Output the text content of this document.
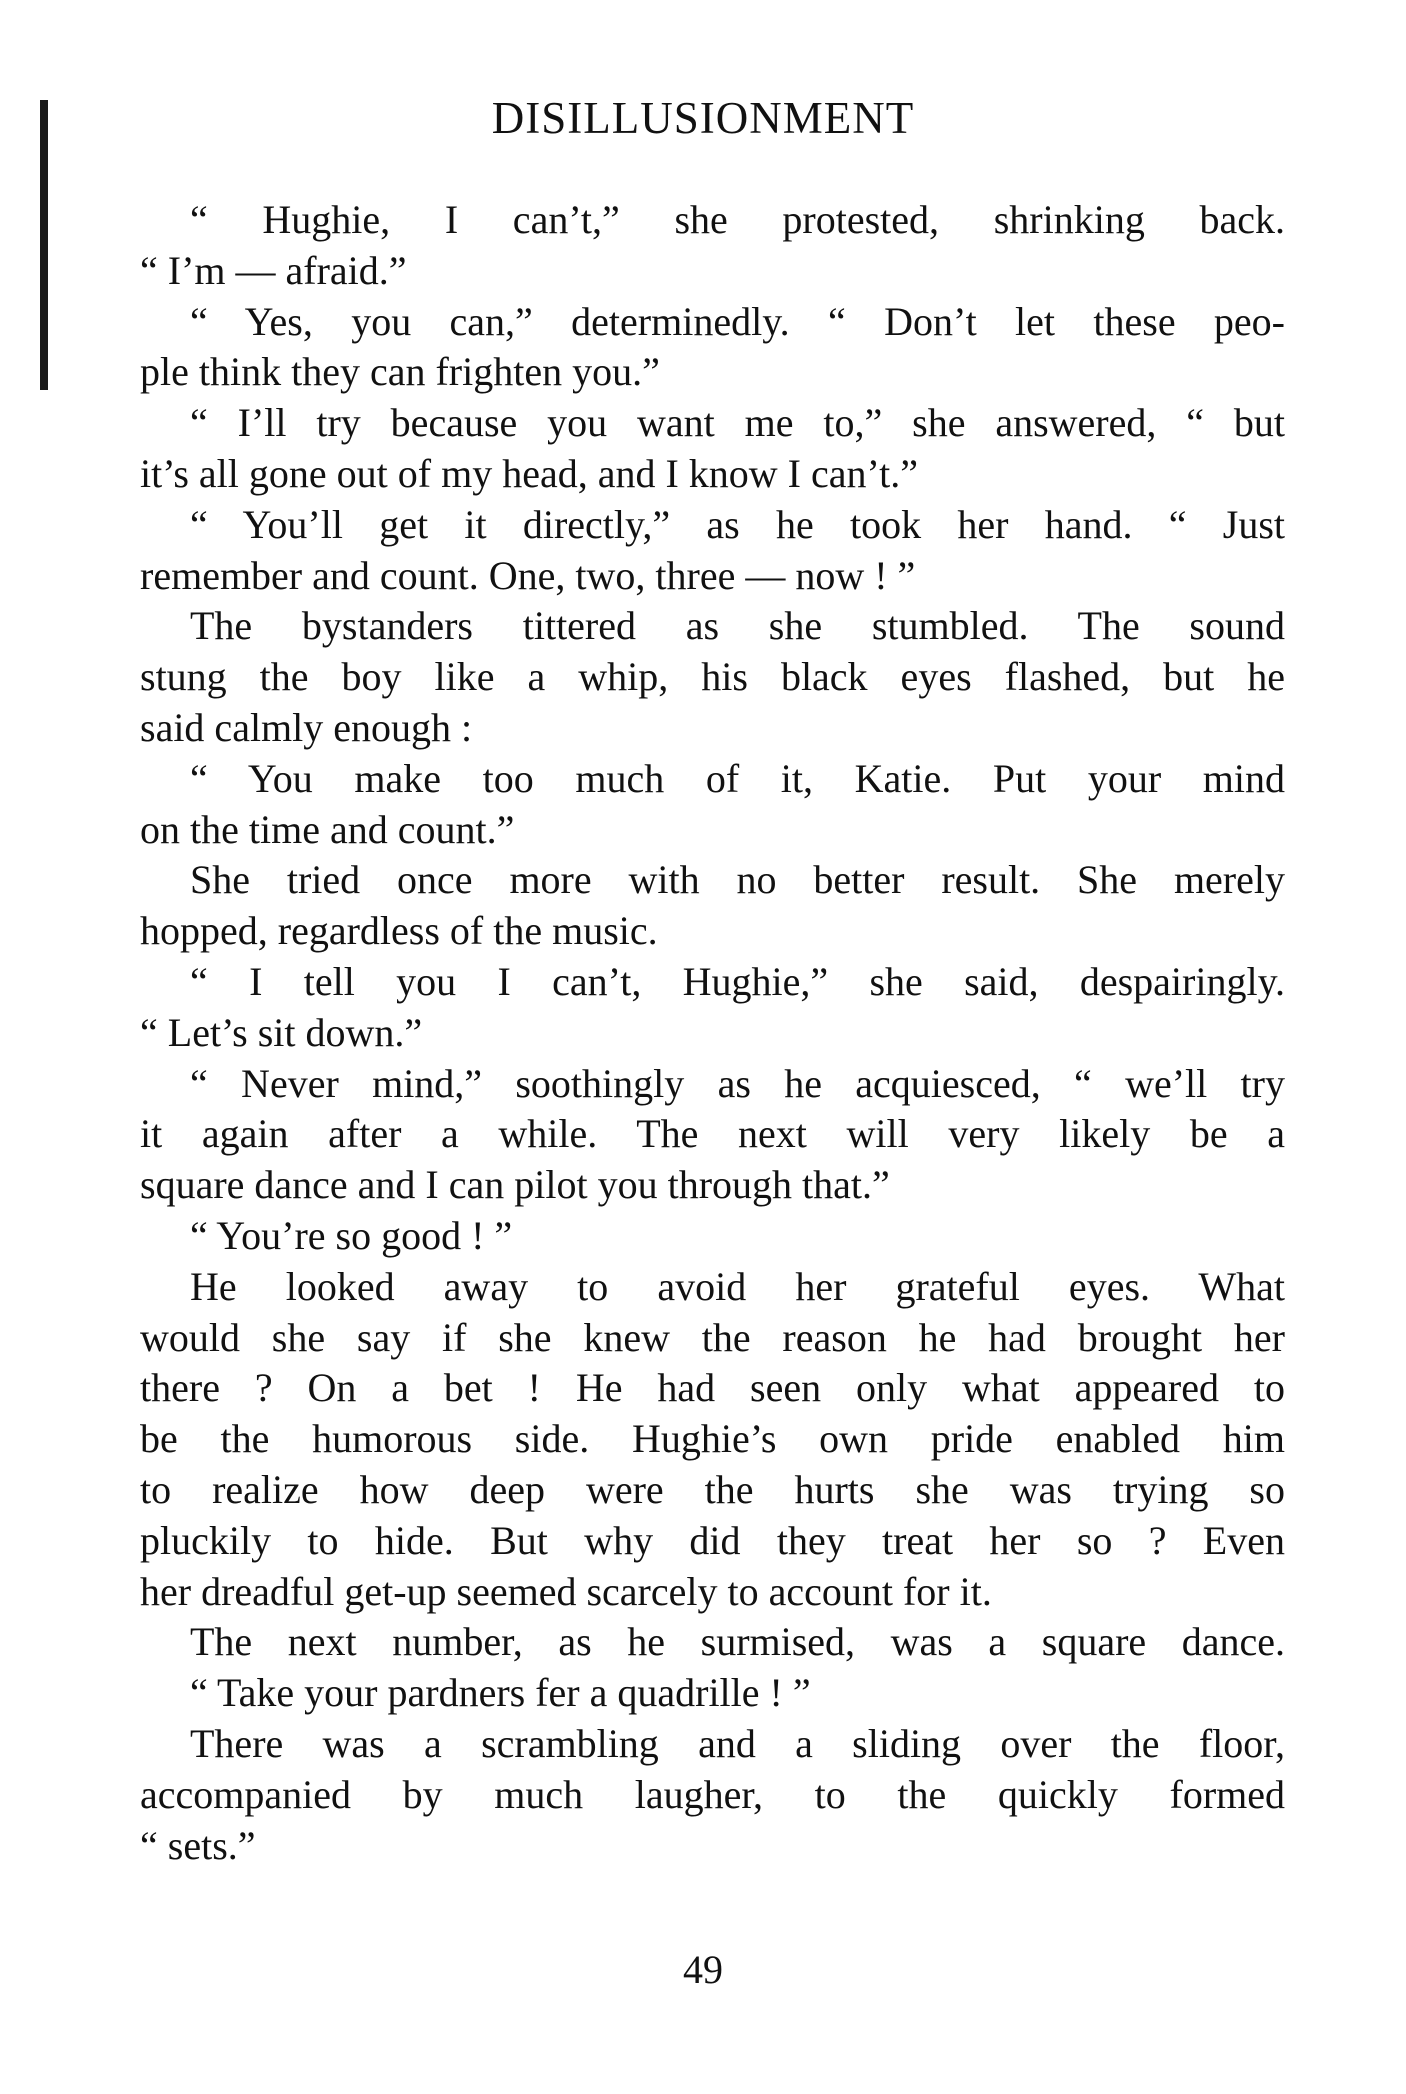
DISILLUSIONMENT
“ Hughie, I can’t,” she protested, shrinking back.
“ I’m — afraid.”
“ Yes, you can,” determinedly. “ Don’t let these peo-
ple think they can frighten you.”
“ I’ll try because you want me to,” she answered, “ but
it’s all gone out of my head, and I know I can’t.”
“ You’ll get it directly,” as he took her hand. “ Just
remember and count. One, two, three — now ! ”
The bystanders tittered as she stumbled. The sound
stung the boy like a whip, his black eyes flashed, but he
said calmly enough :
“ You make too much of it, Katie. Put your mind
on the time and count.”
She tried once more with no better result. She merely
hopped, regardless of the music.
“ I tell you I can’t, Hughie,” she said, despairingly.
“ Let’s sit down.”
“ Never mind,” soothingly as he acquiesced, “ we’ll try
it again after a while. The next will very likely be a
square dance and I can pilot you through that.”
“ You’re so good ! ”
He looked away to avoid her grateful eyes. What
would she say if she knew the reason he had brought her
there ? On a bet ! He had seen only what appeared to
be the humorous side. Hughie’s own pride enabled him
to realize how deep were the hurts she was trying so
pluckily to hide. But why did they treat her so ? Even
her dreadful get-up seemed scarcely to account for it.
The next number, as he surmised, was a square dance.
“ Take your pardners fer a quadrille ! ”
There was a scrambling and a sliding over the floor,
accompanied by much laugher, to the quickly formed
“ sets.”
49
